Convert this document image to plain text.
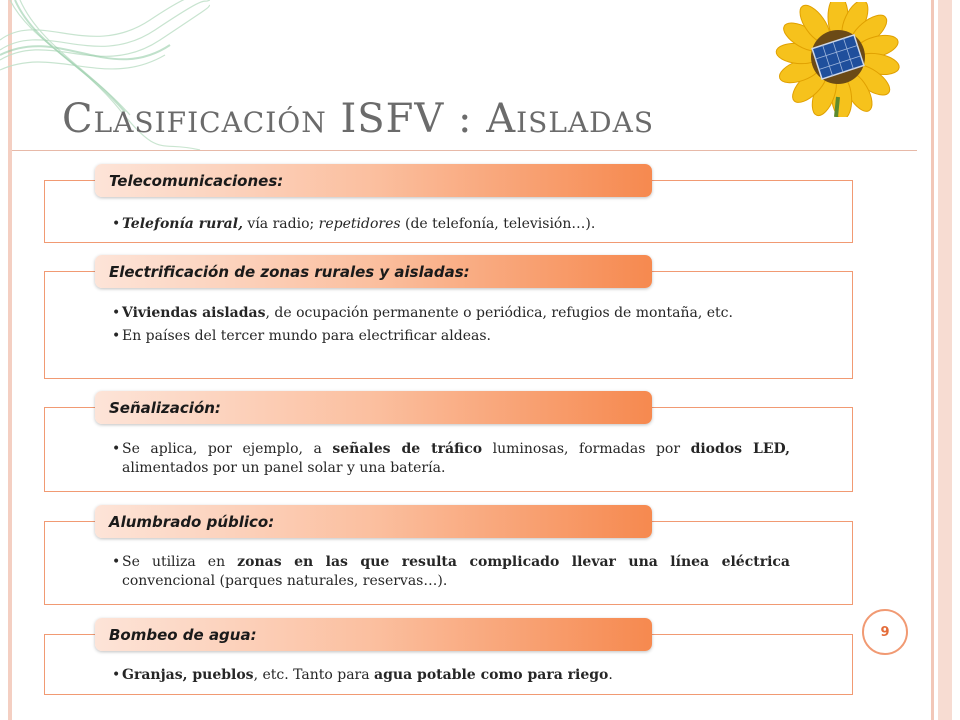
Clasificación ISFV : Aisladas
• Telefonía rural, vía radio; repetidores (de telefonía, televisión…).
Telecomunicaciones:
• Viviendas aisladas, de ocupación permanente o periódica, refugios de montaña, etc.
• En países del tercer mundo para electrificar aldeas.
Electrificación de zonas rurales y aisladas:
• Se aplica, por ejemplo, a señales de tráfico luminosas, formadas por diodos LED, alimentados por un panel solar y una batería.
Señalización:
• Se utiliza en zonas en las que resulta complicado llevar una línea eléctrica convencional (parques naturales, reservas…).
Alumbrado público:
• Granjas, pueblos, etc. Tanto para agua potable como para riego.
Bombeo de agua:	9
